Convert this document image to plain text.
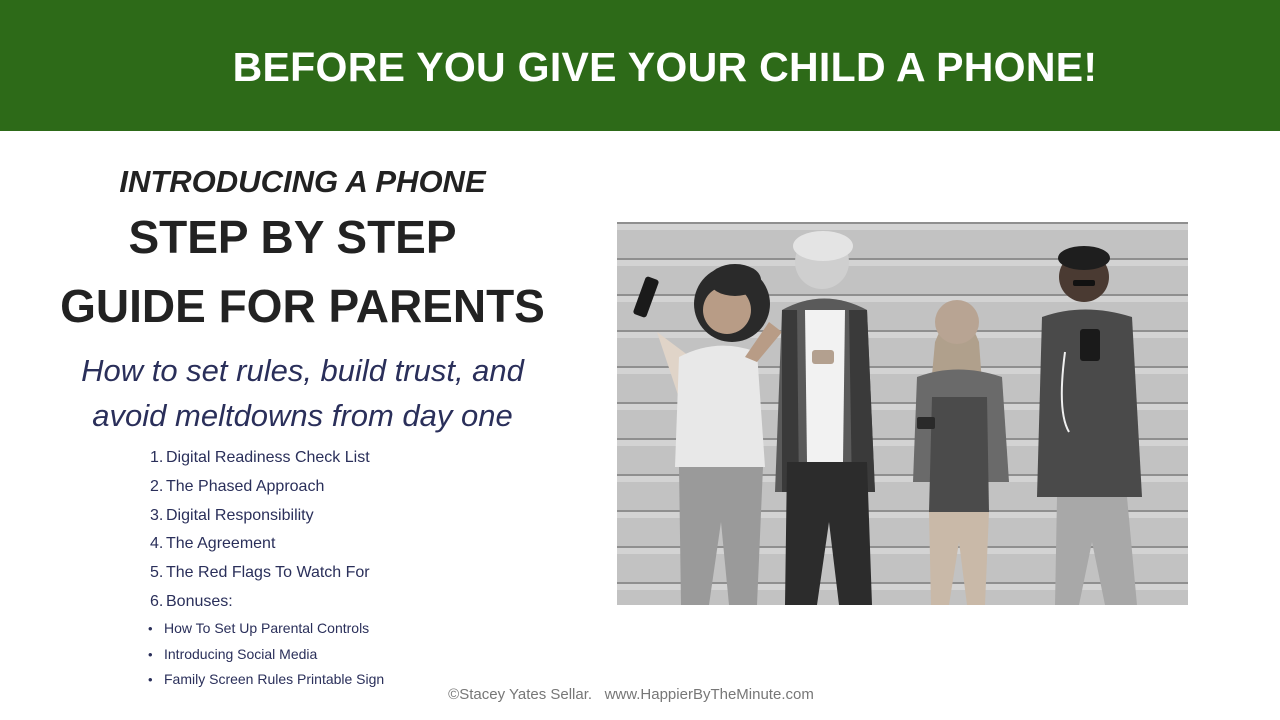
BEFORE YOU GIVE YOUR CHILD A PHONE!
INTRODUCING A PHONE
STEP BY STEP
GUIDE FOR PARENTS
How to set rules, build trust, and
avoid meltdowns from day one
1. Digital Readiness Check List
2. The Phased Approach
3. Digital Responsibility
4. The Agreement
5. The Red Flags To Watch For
6. Bonuses:
• How To Set Up Parental Controls
• Introducing Social Media
• Family Screen Rules Printable Sign
©Stacey Yates Sellar. www.HappierByTheMinute.com
